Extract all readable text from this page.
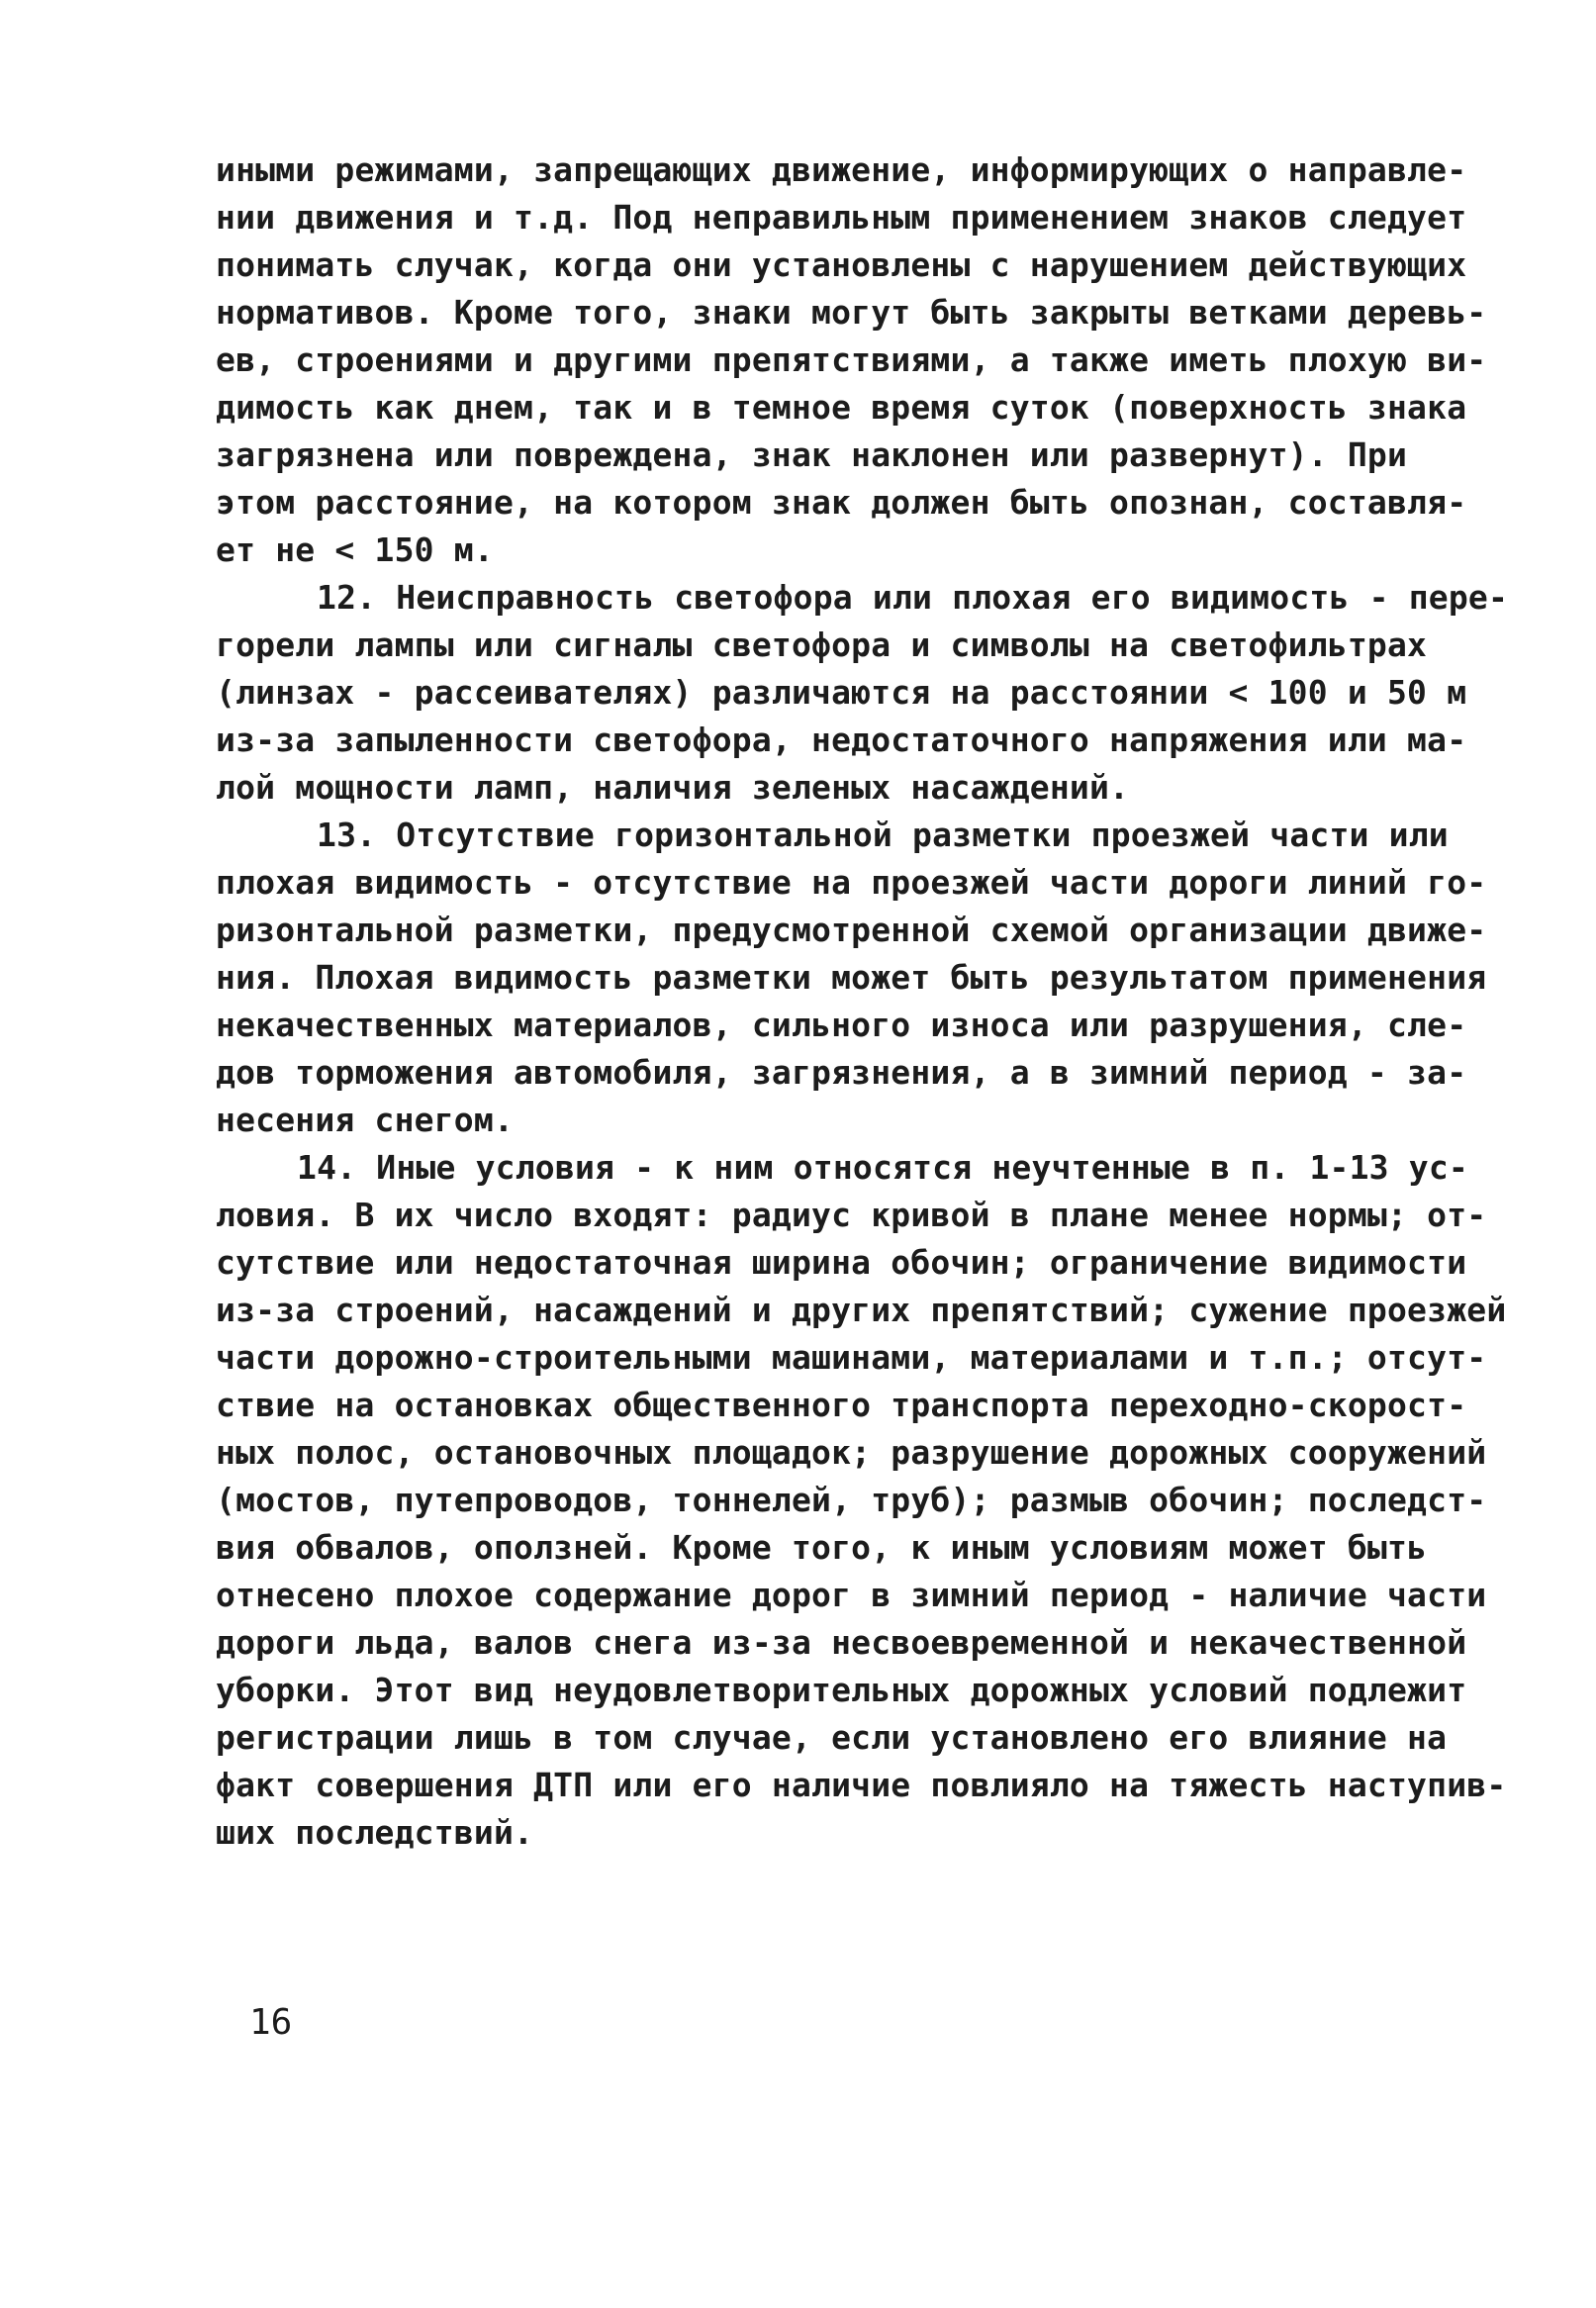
иными режимами, запрещающих движение, информирующих о направле-
нии движения и т.д. Под неправильным применением знаков следует
понимать случак, когда они установлены с нарушением действующих
нормативов. Кроме того, знаки могут быть закрыты ветками деревь-
ев, строениями и другими препятствиями, а также иметь плохую ви-
димость как днем, так и в темное время суток (поверхность знака
загрязнена или повреждена, знак наклонен или развернут). При
этом расстояние, на котором знак должен быть опознан, составля-
ет не < 150 м.
12. Неисправность светофора или плохая его видимость - пере-
горели лампы или сигналы светофора и символы на светофильтрах
(линзах - рассеивателях) различаются на расстоянии < 100 и 50 м
из-за запыленности светофора, недостаточного напряжения или ма-
лой мощности ламп, наличия зеленых насаждений.
13. Отсутствие горизонтальной разметки проезжей части или
плохая видимость - отсутствие на проезжей части дороги линий го-
ризонтальной разметки, предусмотренной схемой организации движе-
ния. Плохая видимость разметки может быть результатом применения
некачественных материалов, сильного износа или разрушения, сле-
дов торможения автомобиля, загрязнения, а в зимний период - за-
несения снегом.
14. Иные условия - к ним относятся неучтенные в п. 1-13 ус-
ловия. В их число входят: радиус кривой в плане менее нормы; от-
сутствие или недостаточная ширина обочин; ограничение видимости
из-за строений, насаждений и других препятствий; сужение проезжей
части дорожно-строительными машинами, материалами и т.п.; отсут-
ствие на остановках общественного транспорта переходно-скорост-
ных полос, остановочных площадок; разрушение дорожных сооружений
(мостов, путепроводов, тоннелей, труб); размыв обочин; последст-
вия обвалов, оползней. Кроме того, к иным условиям может быть
отнесено плохое содержание дорог в зимний период - наличие части
дороги льда, валов снега из-за несвоевременной и некачественной
уборки. Этот вид неудовлетворительных дорожных условий подлежит
регистрации лишь в том случае, если установлено его влияние на
факт совершения ДТП или его наличие повлияло на тяжесть наступив-
ших последствий.
16
